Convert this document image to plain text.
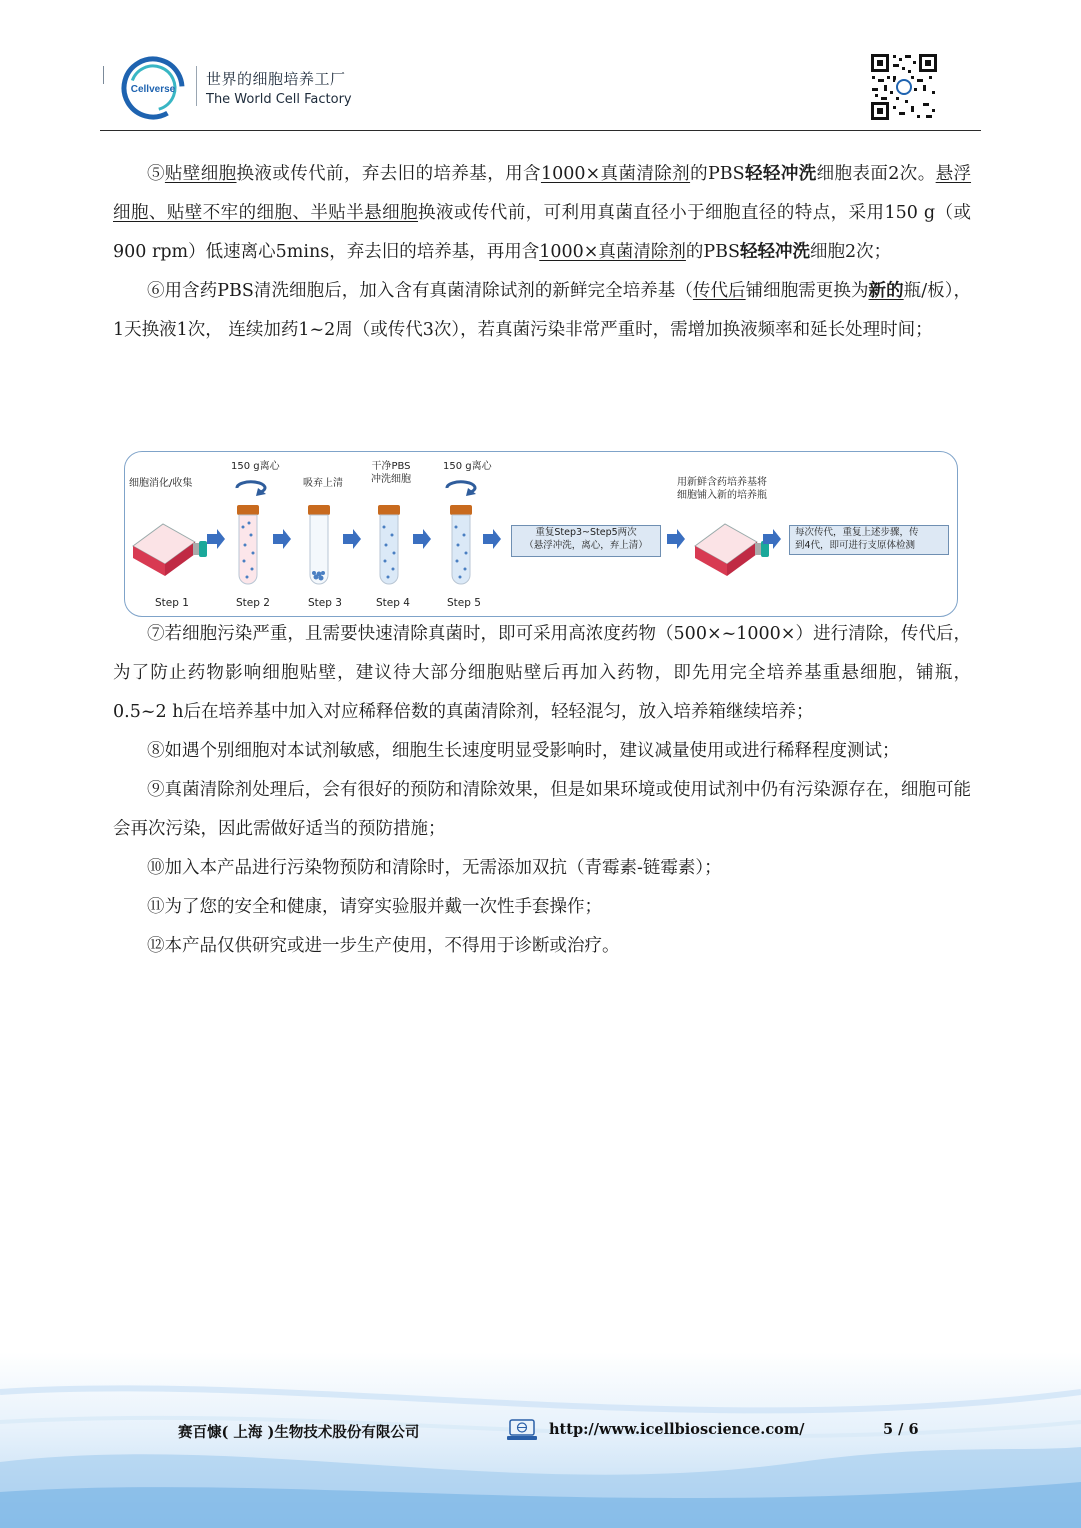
Cellverse
世界的细胞培养工厂
The World Cell Factory

⑤贴壁细胞换液或传代前，弃去旧的培养基，用含1000×真菌清除剂的PBS轻轻冲洗细胞表面2次。悬浮细胞、贴壁不牢的细胞、半贴半悬细胞换液或传代前，可利用真菌直径小于细胞直径的特点，采用150 g（或900 rpm）低速离心5mins，弃去旧的培养基，再用含1000×真菌清除剂的PBS轻轻冲洗细胞2次；

⑥用含药PBS清洗细胞后，加入含有真菌清除试剂的新鲜完全培养基（传代后铺细胞需更换为新的瓶/板），1天换液1次， 连续加药1~2周（或传代3次），若真菌污染非常严重时，需增加换液频率和延长处理时间；

细胞消化/收集
150 g离心
吸弃上清
干净PBS
冲洗细胞
150 g离心
用新鲜含药培养基将
细胞铺入新的培养瓶
重复Step3~Step5两次
（悬浮冲洗，离心，弃上清）
每次传代，重复上述步骤，传
到4代，即可进行支原体检测
Step 1	Step 2	Step 3	Step 4	Step 5

⑦若细胞污染严重，且需要快速清除真菌时，即可采用高浓度药物（500×~1000×）进行清除，传代后，为了防止药物影响细胞贴壁，建议待大部分细胞贴壁后再加入药物，即先用完全培养基重悬细胞，铺瓶，0.5~2 h后在培养基中加入对应稀释倍数的真菌清除剂，轻轻混匀，放入培养箱继续培养；

⑧如遇个别细胞对本试剂敏感，细胞生长速度明显受影响时，建议减量使用或进行稀释程度测试；

⑨真菌清除剂处理后，会有很好的预防和清除效果，但是如果环境或使用试剂中仍有污染源存在，细胞可能会再次污染，因此需做好适当的预防措施；

⑩加入本产品进行污染物预防和清除时，无需添加双抗（青霉素-链霉素）；

⑪为了您的安全和健康，请穿实验服并戴一次性手套操作；

⑫本产品仅供研究或进一步生产使用，不得用于诊断或治疗。

赛百慷( 上海 )生物技术股份有限公司	http://www.icellbioscience.com/	5 / 6
